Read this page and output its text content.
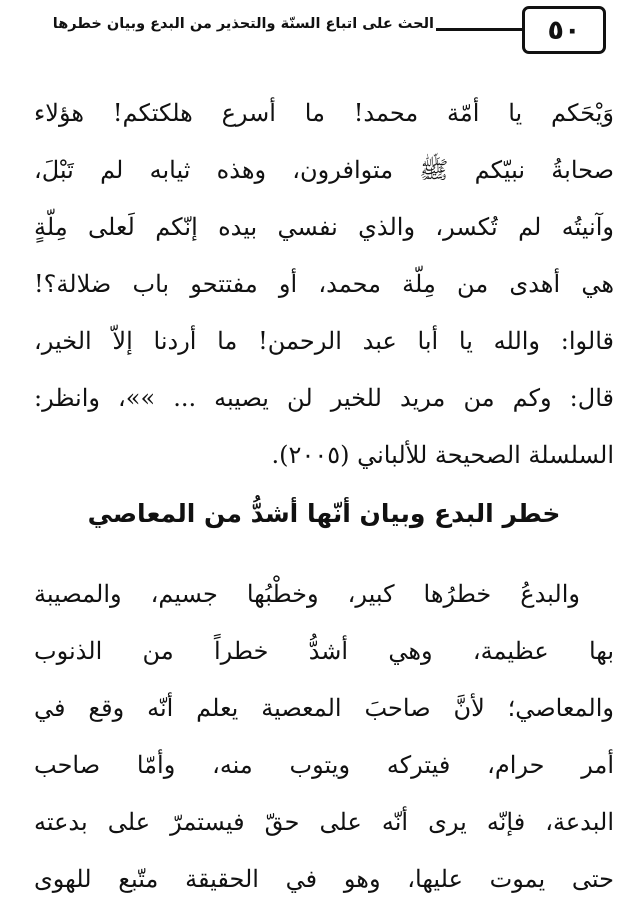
٥٠
الحث على اتباع السنّة والتحذير من البدع وبيان خطرها
وَيْحَكم يا أمّة محمد! ما أسرع هلكتكم! هؤلاء
صحابةُ نبيّكم ﷺ متوافرون، وهذه ثيابه لم تَبْلَ،
وآنيتُه لم تُكسر، والذي نفسي بيده إنّكم لَعلى مِلّةٍ
هي أهدى من مِلّة محمد، أو مفتتحو باب ضلالة؟!
قالوا: والله يا أبا عبد الرحمن! ما أردنا إلاّ الخير،
قال: وكم من مريد للخير لن يصيبه ... »»، وانظر:
السلسلة الصحيحة للألباني (٢٠٠٥).
خطر البدع وبيان أنّها أشدُّ من المعاصي
والبدعُ خطرُها كبير، وخطْبُها جسيم، والمصيبة
بها عظيمة، وهي أشدُّ خطراً من الذنوب
والمعاصي؛ لأنَّ صاحبَ المعصية يعلم أنّه وقع في
أمر حرام، فيتركه ويتوب منه، وأمّا صاحب
البدعة، فإنّه يرى أنّه على حقّ فيستمرّ على بدعته
حتى يموت عليها، وهو في الحقيقة متّبع للهوى
